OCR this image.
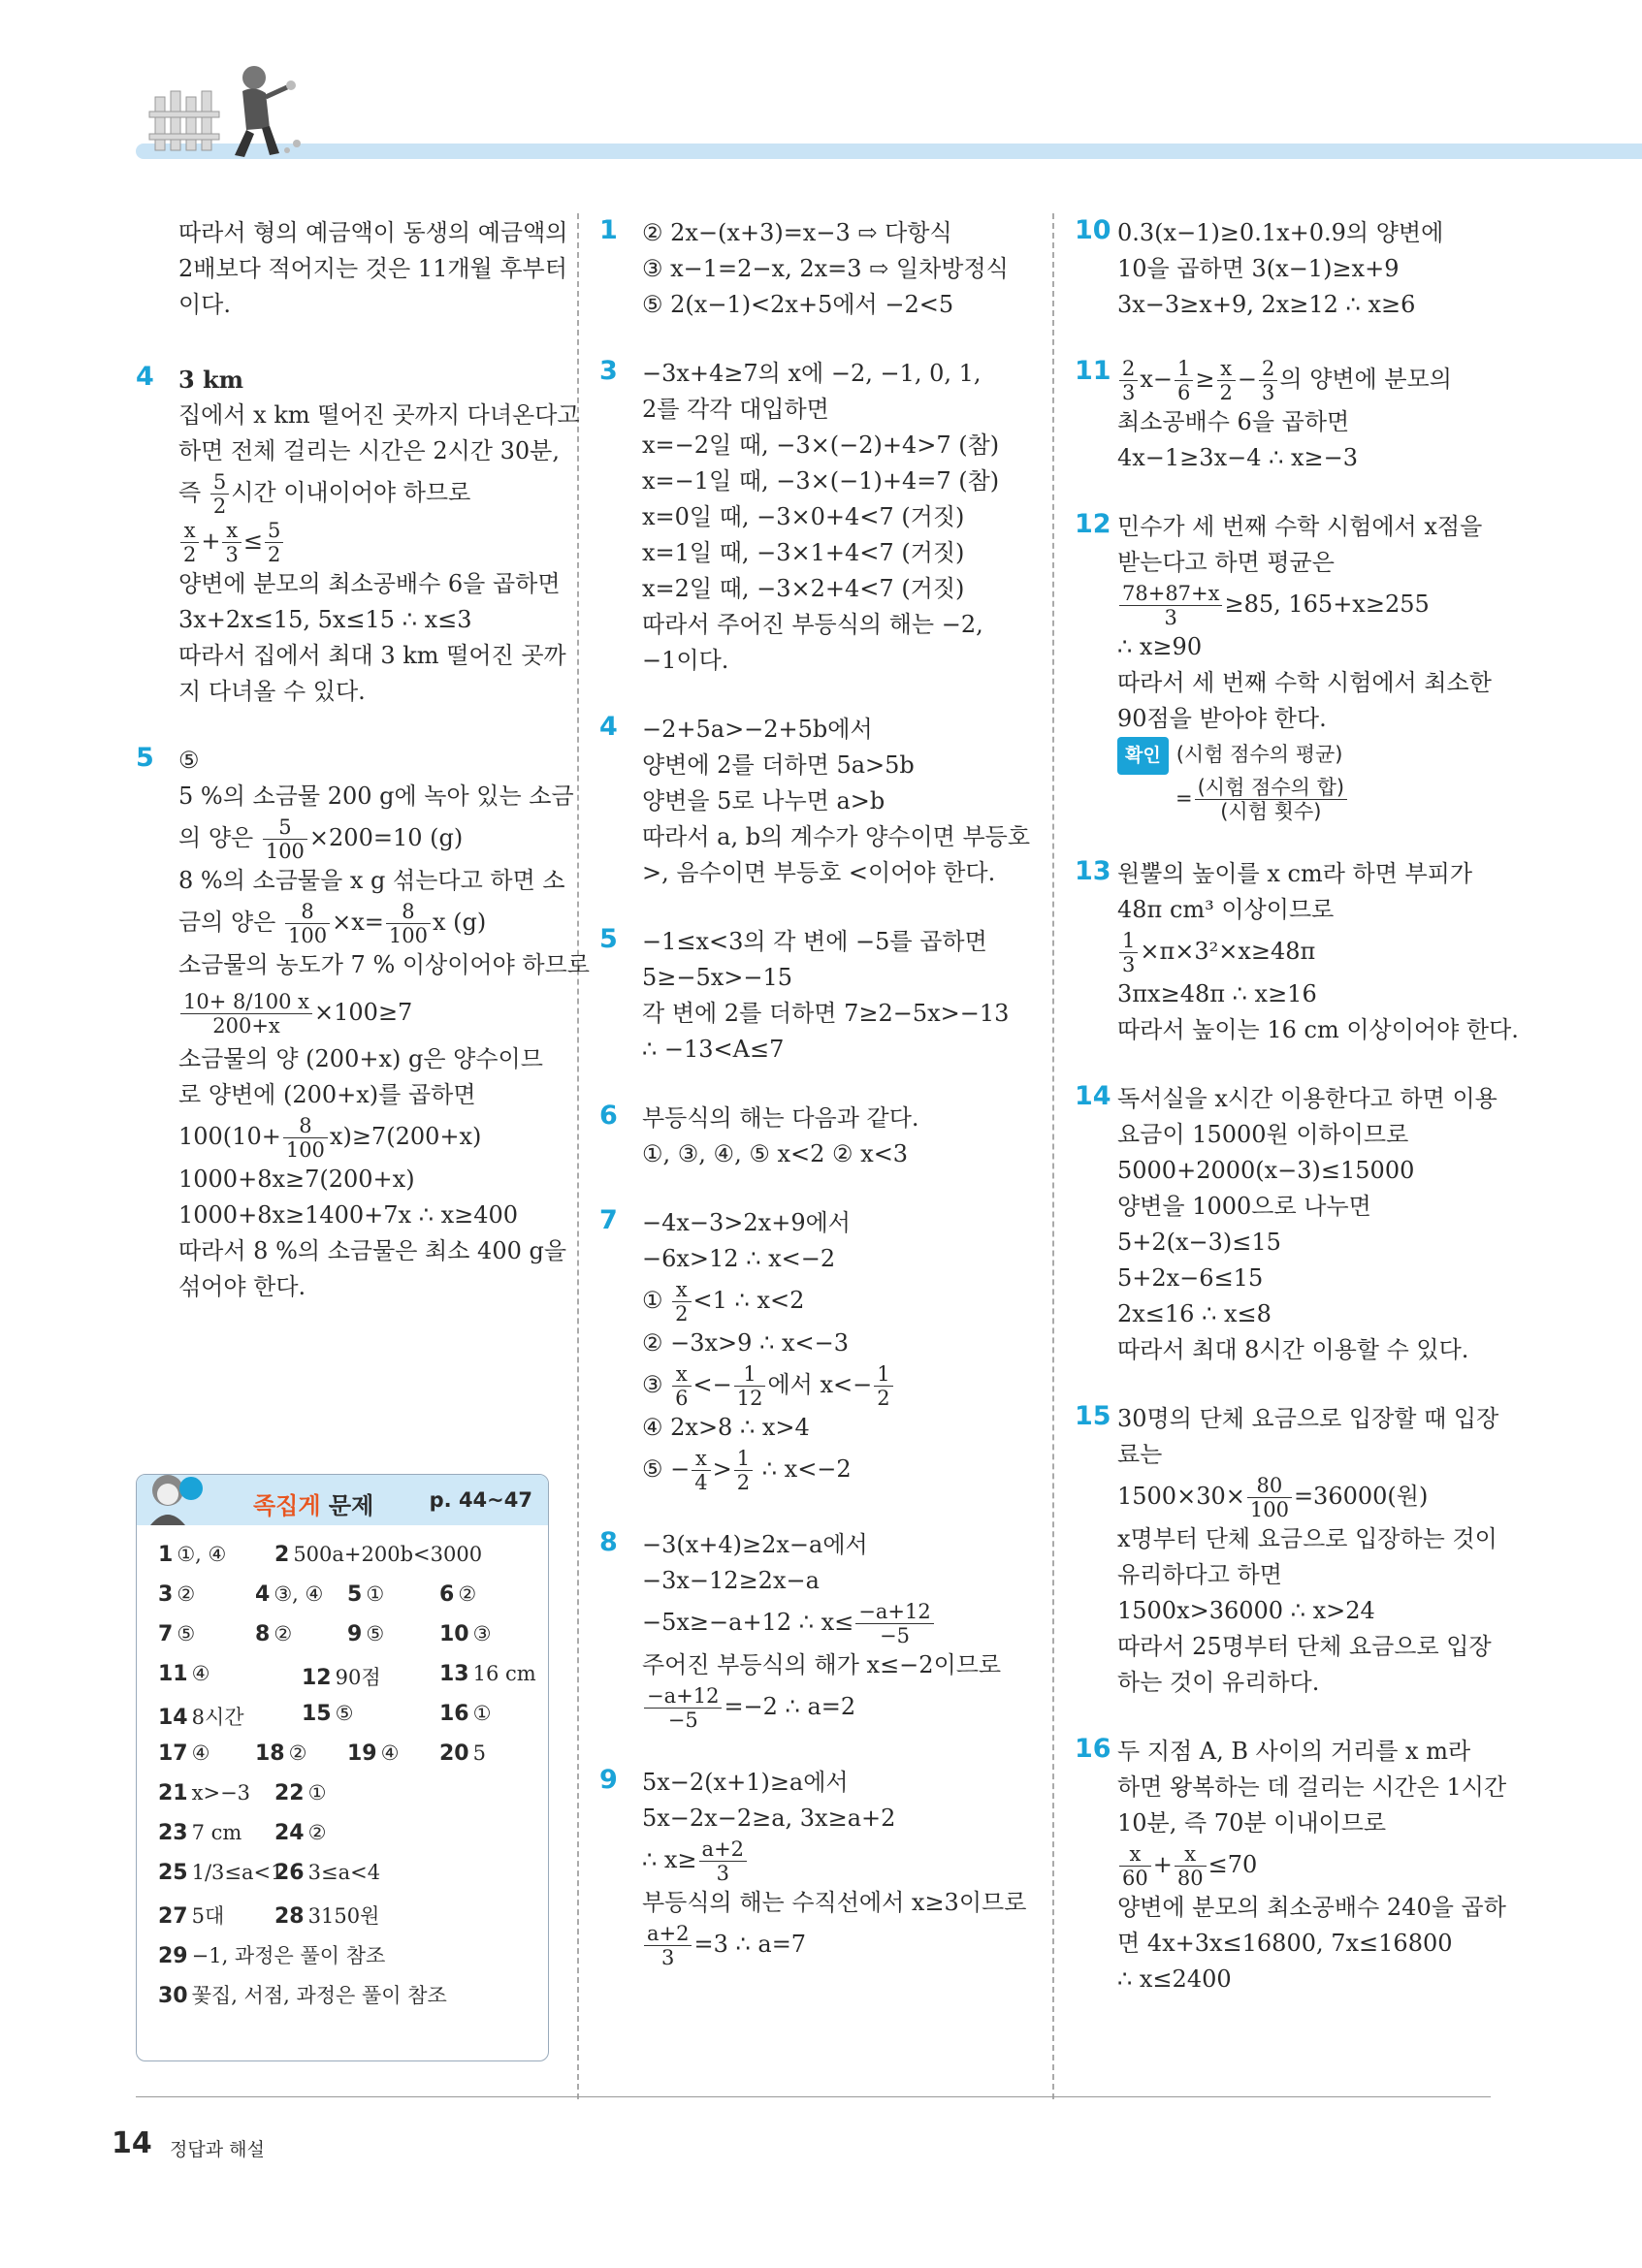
따라서 형의 예금액이 동생의 예금액의
2배보다 적어지는 것은 11개월 후부터
이다.
4 3 km
집에서 x km 떨어진 곳까지 다녀온다고
하면 전체 걸리는 시간은 2시간 30분,
즉 $\frac{5}{2}$ 시간 이내이어야 하므로
$\frac{x}{2} + \frac{x}{3} \le \frac{5}{2}$
양변에 분모의 최소공배수 6을 곱하면
3x+2x≤15, 5x≤15 ∴ x≤3
따라서 집에서 최대 3 km 떨어진 곳까
지 다녀올 수 있다.
5 ⑤
5 %의 소금물 200 g에 녹아 있는 소금
의 양은 $\frac{5}{100} \times 200=10$ (g)
8 %의 소금물을 x g 섞는다고 하면 소
금의 양은 $\frac{8}{100} \times x= \frac{8}{100}$ x (g)
소금물의 농도가 7 % 이상이어야 하므로
$\frac{10+ 8/100 x}{200+x} \times 100\ge 7$
소금물의 양 (200+x) g은 양수이므
로 양변에 (200+x)를 곱하면
$100(10+ \frac{8}{100} x)\ge 7(200+x)$
1000+8x≥7(200+x)
1000+8x≥1400+7x ∴ x≥400
따라서 8 %의 소금물은 최소 400 g을
섞어야 한다.
족집게 문제	p. 44~47
1 ①, ④ 2 500a+200b<3000
3 ②	4 ③, ④ 5 ①	6 ②
7 ⑤	8 ②	9 ⑤	10 ③
11 ④	12 90점	13 16 cm
14 8시간	15 ⑤	16 ①
17 ④ 18 ② 19 ④ 20 5
21 x>−3 22 ①
23 7 cm 24 ②
25 1/3≤a<1
26 3≤a<4
27 5대 28 3150원
29 −1, 과정은 풀이 참조
30 꽃집, 서점, 과정은 풀이 참조
1 ② 2x−(x+3)=x−3 ⇨ 다항식
③ x−1=2−x, 2x=3 ⇨ 일차방정식
⑤ 2(x−1)<2x+5에서 −2<5
3 −3x+4≥7의 x에 −2, −1, 0, 1,
2를 각각 대입하면
x=−2일 때, −3×(−2)+4>7 (참)
x=−1일 때, −3×(−1)+4=7 (참)
x=0일 때, −3×0+4<7 (거짓)
x=1일 때, −3×1+4<7 (거짓)
x=2일 때, −3×2+4<7 (거짓)
따라서 주어진 부등식의 해는 −2,
−1이다.
4 −2+5a>−2+5b에서
양변에 2를 더하면 5a>5b
양변을 5로 나누면 a>b
따라서 a, b의 계수가 양수이면 부등호
>, 음수이면 부등호 <이어야 한다.
5 −1≤x<3의 각 변에 −5를 곱하면
5≥−5x>−15
각 변에 2를 더하면 7≥2−5x>−13
∴ −13<A≤7
6 부등식의 해는 다음과 같다.
①, ③, ④, ⑤ x<2 ② x<3
7 −4x−3>2x+9에서
−6x>12 ∴ x<−2
① $\frac{x}{2} <1$ ∴ x<2
② −3x>9 ∴ x<−3
③ $\frac{x}{6} <- \frac{1}{12}$ 에서 $x<- \frac{1}{2}$
④ 2x>8 ∴ x>4
⑤ − $\frac{x}{4} > \frac{1}{2}$ ∴ x<−2
8 −3(x+4)≥2x−a에서
−3x−12≥2x−a
−5x≥−a+12 ∴ $x\le \frac{-a+12}{-5}$
주어진 부등식의 해가 x≤−2이므로
$\frac{-a+12}{-5} =-2$ ∴ a=2
9 5x−2(x+1)≥a에서
5x−2x−2≥a, 3x≥a+2
∴ $x\ge \frac{a+2}{3}$
부등식의 해는 수직선에서 x≥3이므로
$\frac{a+2}{3} =3$ ∴ a=7
10 0.3(x−1)≥0.1x+0.9의 양변에
10을 곱하면 3(x−1)≥x+9
3x−3≥x+9, 2x≥12 ∴ x≥6
$11 \frac{2}{3} x- \frac{1}{6} \ge \frac{x}{2} - \frac{2}{3}$ 의 양변에 분모의
최소공배수 6을 곱하면
4x−1≥3x−4 ∴ x≥−3
12 민수가 세 번째 수학 시험에서 x점을
받는다고 하면 평균은
$\frac{78+87+x}{3} \ge 85$, 165+x≥255
∴ x≥90
따라서 세 번째 수학 시험에서 최소한
90점을 받아야 한다.
확인 (시험 점수의 평균)
= $\frac{\text{(시험 점수의 합)}}{\text{(시험 횟수)}}$
13 원뿔의 높이를 x cm라 하면 부피가
48π cm³ 이상이므로
$\frac{1}{3} \times\pi\times 3^2\times x\ge 48\pi$
3πx≥48π ∴ x≥16
따라서 높이는 16 cm 이상이어야 한다.
14 독서실을 x시간 이용한다고 하면 이용
요금이 15000원 이하이므로
5000+2000(x−3)≤15000
양변을 1000으로 나누면
5+2(x−3)≤15
5+2x−6≤15
2x≤16 ∴ x≤8
따라서 최대 8시간 이용할 수 있다.
15 30명의 단체 요금으로 입장할 때 입장
료는
$1500\times 30\times \frac{80}{100} =36000$(원)
x명부터 단체 요금으로 입장하는 것이
유리하다고 하면
1500x>36000 ∴ x>24
따라서 25명부터 단체 요금으로 입장
하는 것이 유리하다.
16 두 지점 A, B 사이의 거리를 x m라
하면 왕복하는 데 걸리는 시간은 1시간
10분, 즉 70분 이내이므로
$\frac{x}{60} + \frac{x}{80} \le 70$
양변에 분모의 최소공배수 240을 곱하
면 4x+3x≤16800, 7x≤16800
∴ x≤2400
14 정답과 해설
